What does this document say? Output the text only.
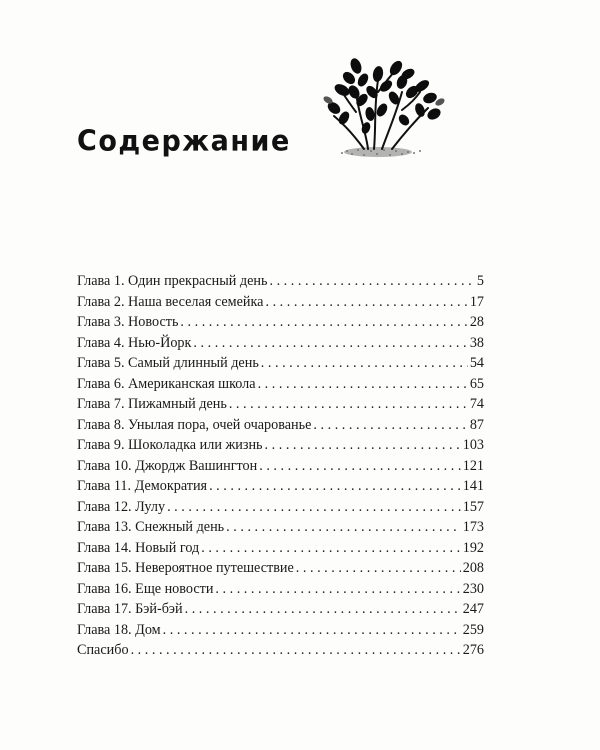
Содержание
Глава 1. Один прекрасный день . . .	5
Глава 2. Наша веселая семейка . . .	17
Глава 3. Новость . . .	28
Глава 4. Нью-Йорк . . .	38
Глава 5. Самый длинный день . . .	54
Глава 6. Американская школа . . .	65
Глава 7. Пижамный день . . .	74
Глава 8. Унылая пора, очей очарованье . . .	87
Глава 9. Шоколадка или жизнь . . .	103
Глава 10. Джордж Вашингтон . . .	121
Глава 11. Демократия . . .	141
Глава 12. Лулу . . .	157
Глава 13. Снежный день . . .	173
Глава 14. Новый год . . .	192
Глава 15. Невероятное путешествие . . .	208
Глава 16. Еще новости . . .	230
Глава 17. Бэй-бэй . . .	247
Глава 18. Дом . . .	259
Спасибо . . .	276
